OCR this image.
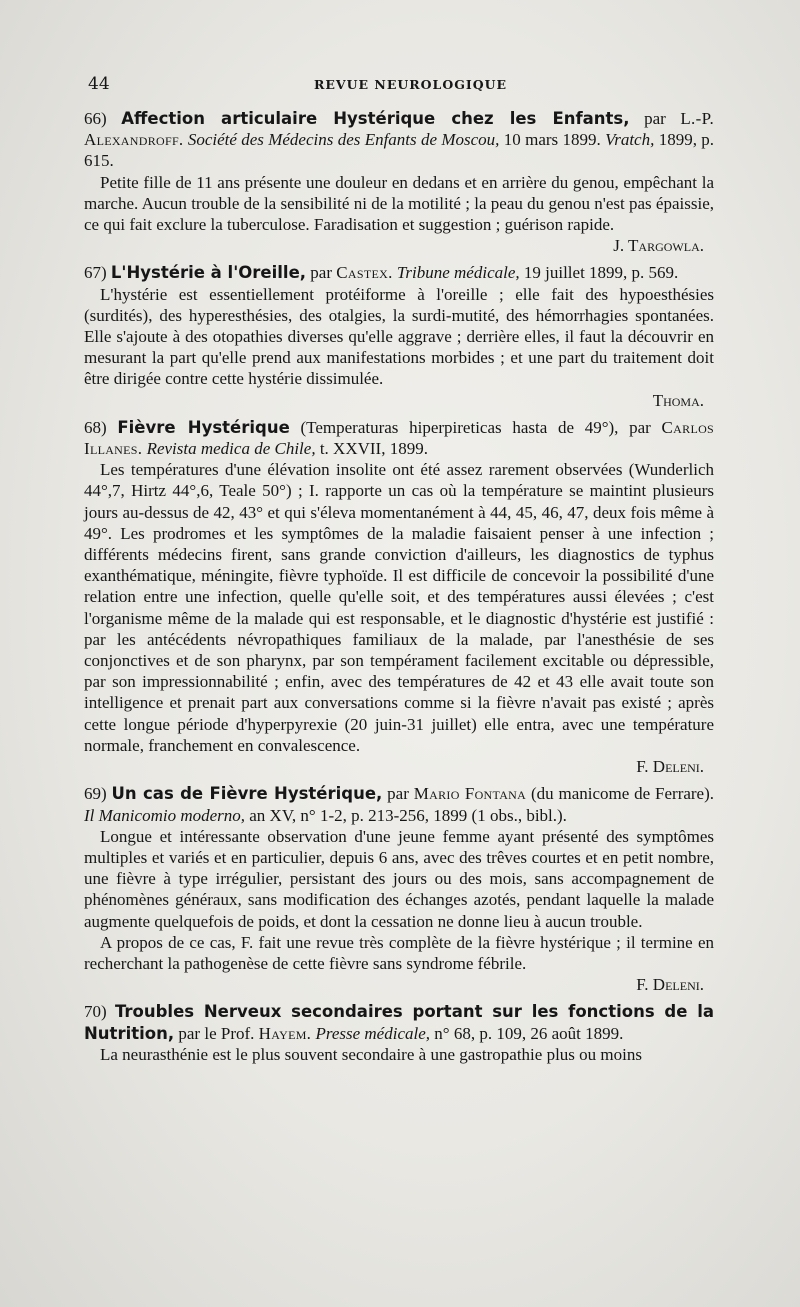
44	REVUE NEUROLOGIQUE

66) Affection articulaire Hystérique chez les Enfants, par L.-P. Alexandroff. Société des Médecins des Enfants de Moscou, 10 mars 1899. Vratch, 1899, p. 615.

Petite fille de 11 ans présente une douleur en dedans et en arrière du genou, empêchant la marche. Aucun trouble de la sensibilité ni de la motilité ; la peau du genou n'est pas épaissie, ce qui fait exclure la tuberculose. Faradisation et suggestion ; guérison rapide.

J. Targowla.

67) L'Hystérie à l'Oreille, par Castex. Tribune médicale, 19 juillet 1899, p. 569.

L'hystérie est essentiellement protéiforme à l'oreille ; elle fait des hypoesthésies (surdités), des hyperesthésies, des otalgies, la surdi-mutité, des hémorrhagies spontanées. Elle s'ajoute à des otopathies diverses qu'elle aggrave ; derrière elles, il faut la découvrir en mesurant la part qu'elle prend aux manifestations morbides ; et une part du traitement doit être dirigée contre cette hystérie dissimulée.

Thoma.

68) Fièvre Hystérique (Temperaturas hiperpireticas hasta de 49°), par Carlos Illanes. Revista medica de Chile, t. XXVII, 1899.

Les températures d'une élévation insolite ont été assez rarement observées (Wunderlich 44°,7, Hirtz 44°,6, Teale 50°) ; I. rapporte un cas où la température se maintint plusieurs jours au-dessus de 42, 43° et qui s'éleva momentanément à 44, 45, 46, 47, deux fois même à 49°. Les prodromes et les symptômes de la maladie faisaient penser à une infection ; différents médecins firent, sans grande conviction d'ailleurs, les diagnostics de typhus exanthématique, méningite, fièvre typhoïde. Il est difficile de concevoir la possibilité d'une relation entre une infection, quelle qu'elle soit, et des températures aussi élevées ; c'est l'organisme même de la malade qui est responsable, et le diagnostic d'hystérie est justifié : par les antécédents névropathiques familiaux de la malade, par l'anesthésie de ses conjonctives et de son pharynx, par son tempérament facilement excitable ou dépressible, par son impressionnabilité ; enfin, avec des températures de 42 et 43 elle avait toute son intelligence et prenait part aux conversations comme si la fièvre n'avait pas existé ; après cette longue période d'hyperpyrexie (20 juin-31 juillet) elle entra, avec une température normale, franchement en convalescence.

F. Deleni.

69) Un cas de Fièvre Hystérique, par Mario Fontana (du manicome de Ferrare). Il Manicomio moderno, an XV, n° 1-2, p. 213-256, 1899 (1 obs., bibl.).

Longue et intéressante observation d'une jeune femme ayant présenté des symptômes multiples et variés et en particulier, depuis 6 ans, avec des trêves courtes et en petit nombre, une fièvre à type irrégulier, persistant des jours ou des mois, sans accompagnement de phénomènes généraux, sans modification des échanges azotés, pendant laquelle la malade augmente quelquefois de poids, et dont la cessation ne donne lieu à aucun trouble.

A propos de ce cas, F. fait une revue très complète de la fièvre hystérique ; il termine en recherchant la pathogenèse de cette fièvre sans syndrome fébrile.

F. Deleni.

70) Troubles Nerveux secondaires portant sur les fonctions de la Nutrition, par le Prof. Hayem. Presse médicale, n° 68, p. 109, 26 août 1899.

La neurasthénie est le plus souvent secondaire à une gastropathie plus ou moins
